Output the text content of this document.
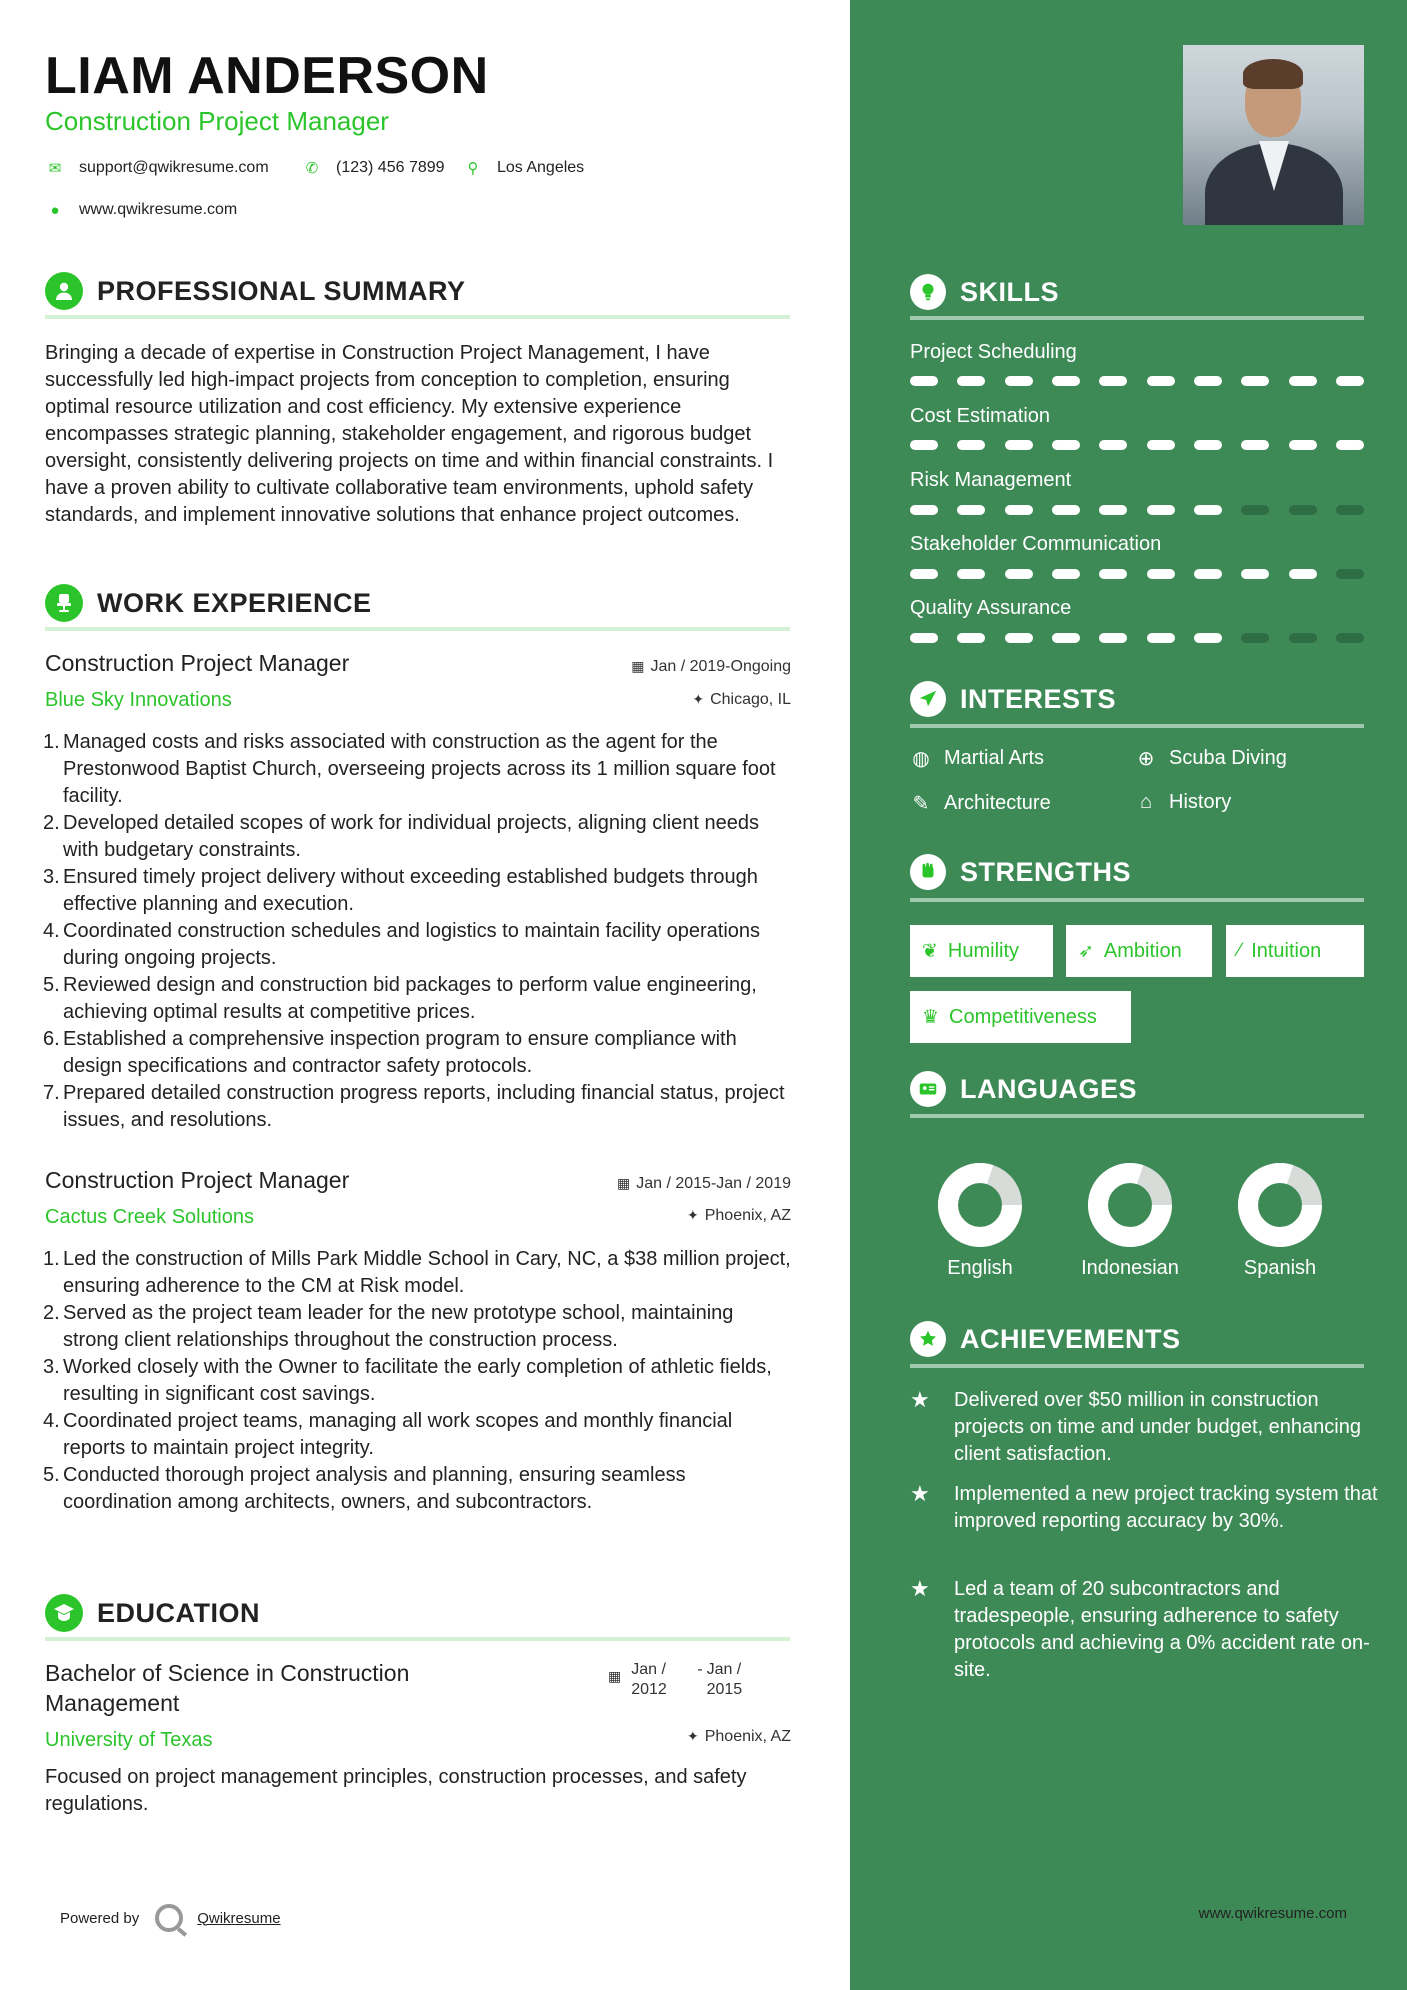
LIAM ANDERSON
Construction Project Manager
✉ support@qwikresume.com ✆ (123) 456 7899	⚲ Los Angeles
●	www.qwikresume.com
PROFESSIONAL SUMMARY
Bringing a decade of expertise in Construction Project Management, I have successfully led high-impact projects from conception to completion, ensuring optimal resource utilization and cost efficiency. My extensive experience encompasses strategic planning, stakeholder engagement, and rigorous budget oversight, consistently delivering projects on time and within financial constraints. I have a proven ability to cultivate collaborative team environments, uphold safety standards, and implement innovative solutions that enhance project outcomes.
WORK EXPERIENCE
Construction Project Manager	▦ Jan / 2019-Ongoing
Blue Sky Innovations	✦ Chicago, IL
1. Managed costs and risks associated with construction as the agent for the Prestonwood Baptist Church, overseeing projects across its 1 million square foot facility.
2. Developed detailed scopes of work for individual projects, aligning client needs with budgetary constraints.
3. Ensured timely project delivery without exceeding established budgets through effective planning and execution.
4. Coordinated construction schedules and logistics to maintain facility operations during ongoing projects.
5. Reviewed design and construction bid packages to perform value engineering, achieving optimal results at competitive prices.
6. Established a comprehensive inspection program to ensure compliance with design specifications and contractor safety protocols.
7. Prepared detailed construction progress reports, including financial status, project issues, and resolutions.
Construction Project Manager	▦ Jan / 2015-Jan / 2019
Cactus Creek Solutions	✦ Phoenix, AZ
1. Led the construction of Mills Park Middle School in Cary, NC, a $38 million project, ensuring adherence to the CM at Risk model.
2. Served as the project team leader for the new prototype school, maintaining strong client relationships throughout the construction process.
3. Worked closely with the Owner to facilitate the early completion of athletic fields, resulting in significant cost savings.
4. Coordinated project teams, managing all work scopes and monthly financial reports to maintain project integrity.
5. Conducted thorough project analysis and planning, ensuring seamless coordination among architects, owners, and subcontractors.
EDUCATION
Bachelor of Science in Construction Management
▦ Jan / 2012
- Jan / 2015
University of Texas	✦ Phoenix, AZ
Focused on project management principles, construction processes, and safety regulations.
Powered by	Qwikresume
SKILLS
Project Scheduling
Cost Estimation
Risk Management
Stakeholder Communication
Quality Assurance
INTERESTS
◍ Martial Arts	⊕ Scuba Diving
✎ Architecture	⌂ History
STRENGTHS
❦ Humility	➶ Ambition	⁄ Intuition
♛ Competitiveness
LANGUAGES
English	Indonesian	Spanish
ACHIEVEMENTS
★	Delivered over $50 million in construction projects on time and under budget, enhancing client satisfaction.
★	Implemented a new project tracking system that improved reporting accuracy by 30%.
★	Led a team of 20 subcontractors and tradespeople, ensuring adherence to safety protocols and achieving a 0% accident rate on-site.
www.qwikresume.com
